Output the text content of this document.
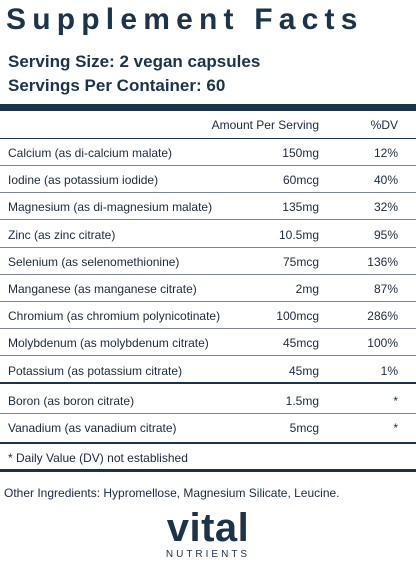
Supplement Facts
Serving Size: 2 vegan capsules
Servings Per Container: 60
Amount Per Serving	%DV
Calcium (as di-calcium malate)	150mg	12%
Iodine (as potassium iodide)	60mcg	40%
Magnesium (as di-magnesium malate)	135mg	32%
Zinc (as zinc citrate)	10.5mg	95%
Selenium (as selenomethionine)	75mcg	136%
Manganese (as manganese citrate)	2mg	87%
Chromium (as chromium polynicotinate)	100mcg	286%
Molybdenum (as molybdenum citrate)	45mcg	100%
Potassium (as potassium citrate)	45mg	1%
Boron (as boron citrate)	1.5mg	*
Vanadium (as vanadium citrate)	5mcg	*
* Daily Value (DV) not established
Other Ingredients: Hypromellose, Magnesium Silicate, Leucine.
vital
NUTRIENTS
